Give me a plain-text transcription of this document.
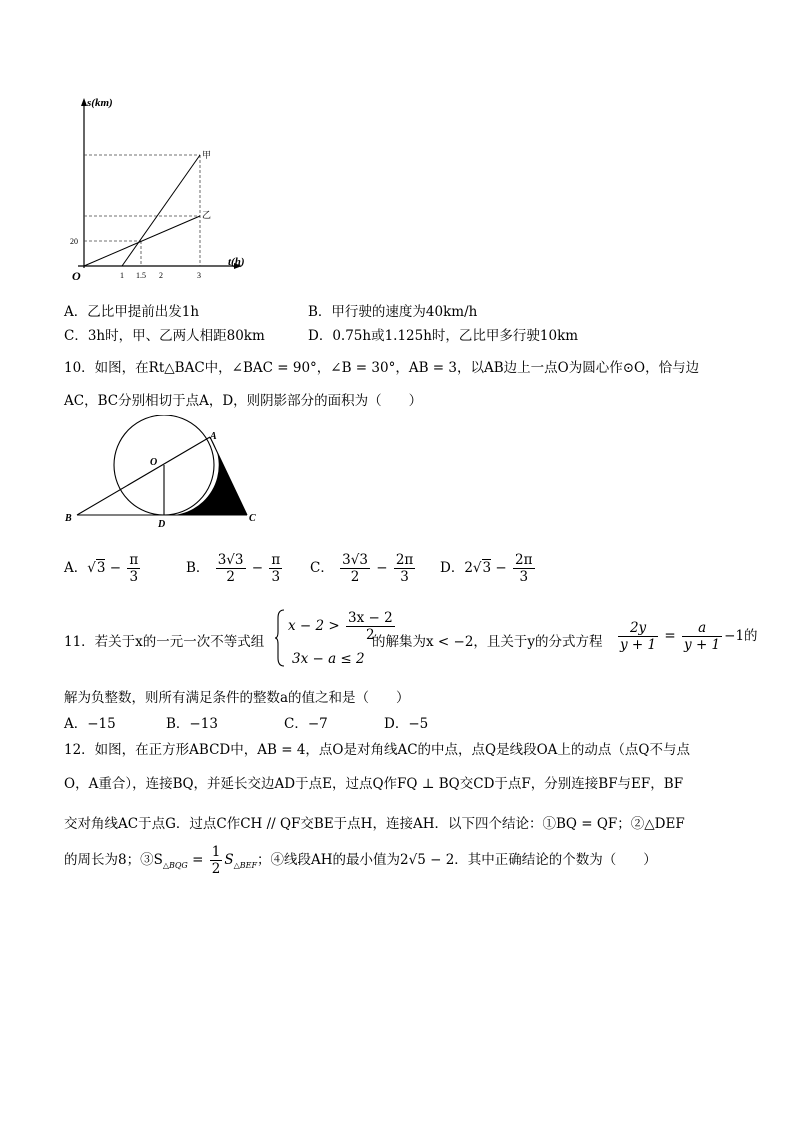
s(km)
t(h)
O
20
1 1.5 2	3
甲
乙
A．乙比甲提前出发1h	B．甲行驶的速度为40km/h
C．3h时，甲、乙两人相距80km	D．0.75h或1.125h时，乙比甲多行驶10km
10．如图，在Rt△BAC中，∠BAC = 90°，∠B = 30°，AB = 3，以AB边上一点O为圆心作⊙O，恰与边
AC，BC分别相切于点A，D，则阴影部分的面积为（　　）
A
B	C
D
O
A．$√3 - \frac{\pi}{3}$	B． $\frac{3√3}{2} - \frac{\pi}{3}$ C． $\frac{3√3}{2} - \frac{2\pi}{3}$ D．$2√3 - \frac{2\pi}{3}$
11．若关于x的一元一次不等式组
$x - 2 > \frac{3x - 2}{2}$
3x − a ≤ 2
的解集为x < −2，且关于y的分式方程 $\frac{2y}{y + 1} = \frac{a}{y + 1} -1$的
解为负整数，则所有满足条件的整数a的值之和是（　　）
A．−15	B．−13	C．−7	D．−5
12．如图，在正方形ABCD中，AB = 4，点O是对角线AC的中点，点Q是线段OA上的动点（点Q不与点
O，A重合），连接BQ，并延长交边AD于点E，过点Q作FQ ⊥ BQ交CD于点F，分别连接BF与EF，BF
交对角线AC于点G．过点C作CH // QF交BE于点H，连接AH．以下四个结论：①BQ = QF；②△DEF
的周长为8；$③S_{\triangle BQG} = \frac{1}{2} S_{\triangle BEF}$；④线段AH的最小值为2√5 − 2．其中正确结论的个数为（　　）
